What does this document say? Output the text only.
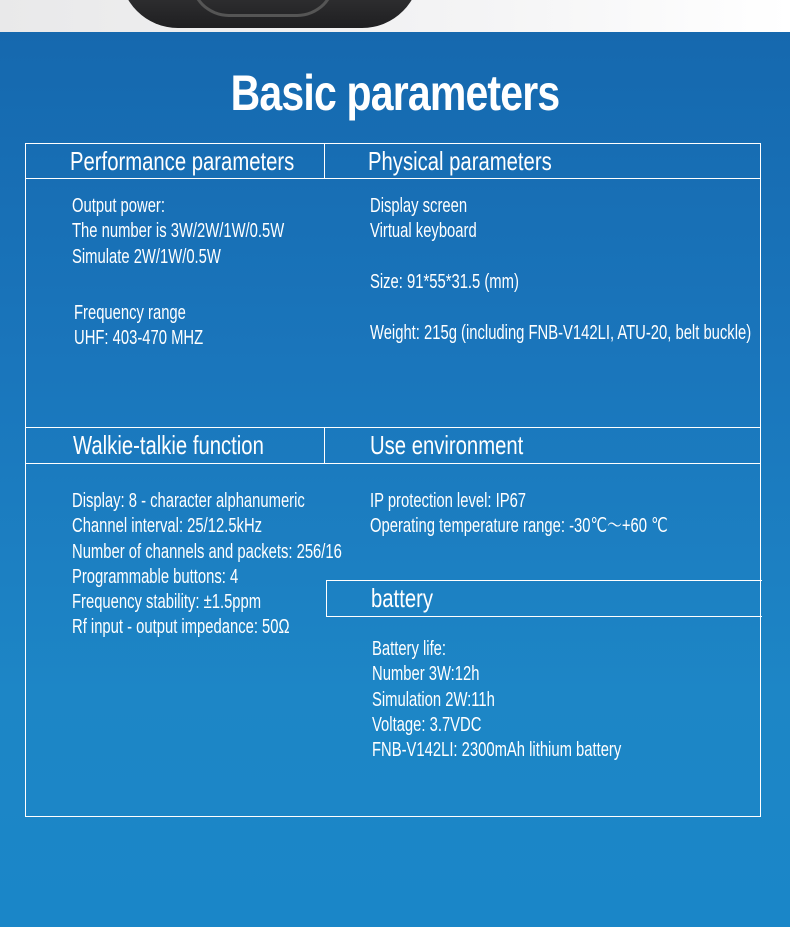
Basic parameters
Performance parameters	Physical parameters
Walkie-talkie function	Use environment
battery
Output power:
The number is 3W/2W/1W/0.5W
Simulate 2W/1W/0.5W
Frequency range
UHF: 403-470 MHZ
Display screen
Virtual keyboard
Size: 91*55*31.5 (mm)
Weight: 215g (including FNB-V142LI, ATU-20, belt buckle)
Display: 8 - character alphanumeric
Channel interval: 25/12.5kHz
Number of channels and packets: 256/16
Programmable buttons: 4
Frequency stability: ±1.5ppm
Rf input - output impedance: 50Ω
IP protection level: IP67
Operating temperature range: -30℃～+60 ℃
Battery life:
Number 3W:12h
Simulation 2W:11h
Voltage: 3.7VDC
FNB-V142LI: 2300mAh lithium battery
